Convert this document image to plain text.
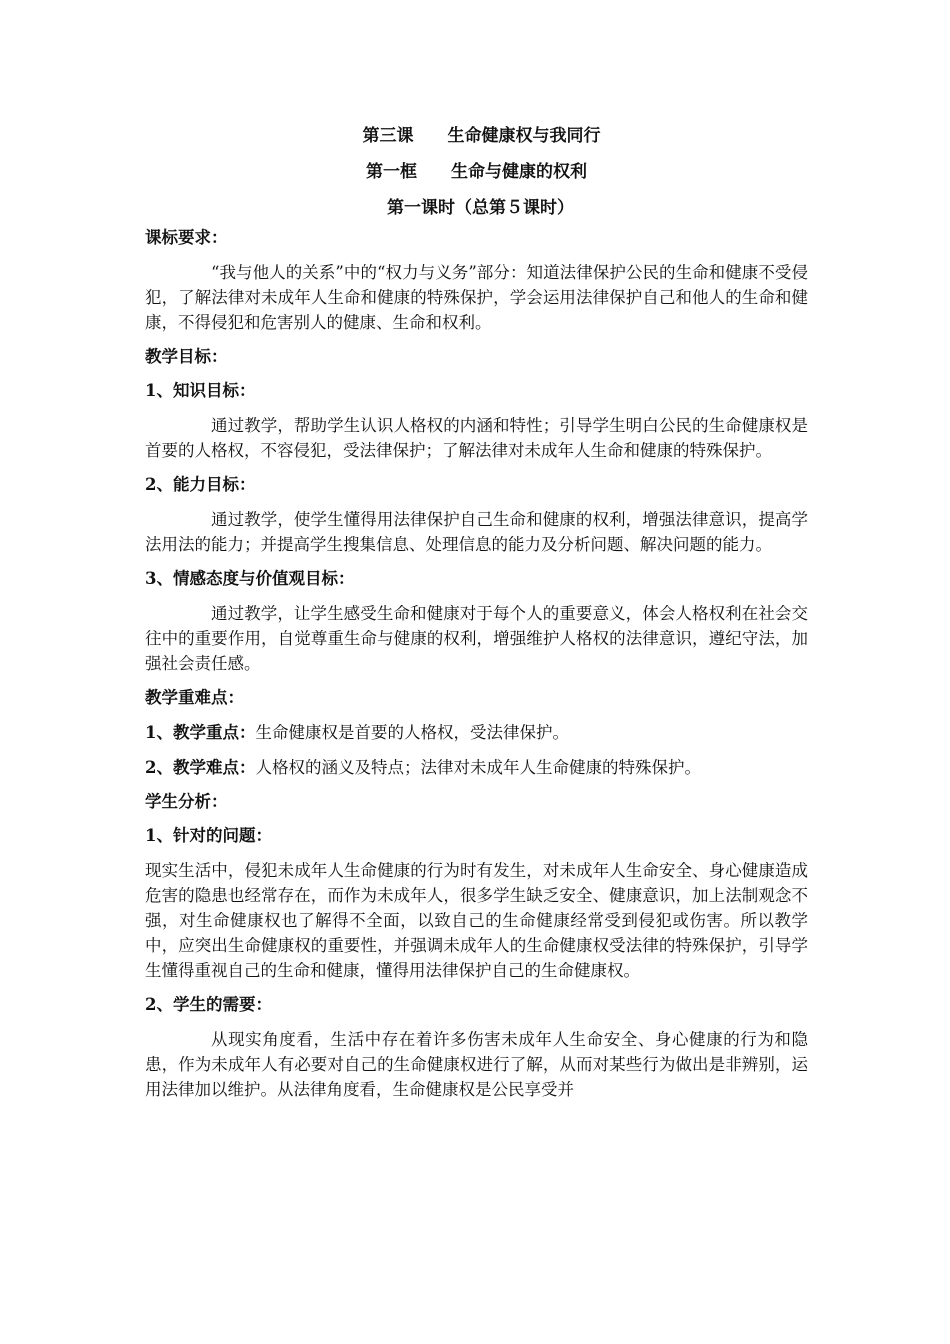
第三课 生命健康权与我同行

第一框 生命与健康的权利

第一课时（总第５课时）

课标要求：

“我与他人的关系”中的“权力与义务”部分：知道法律保护公民的生命和健康不受侵犯，了解法律对未成年人生命和健康的特殊保护，学会运用法律保护自己和他人的生命和健康，不得侵犯和危害别人的健康、生命和权利。

教学目标：

1、知识目标：

通过教学，帮助学生认识人格权的内涵和特性；引导学生明白公民的生命健康权是首要的人格权，不容侵犯，受法律保护；了解法律对未成年人生命和健康的特殊保护。

2、能力目标：

通过教学，使学生懂得用法律保护自己生命和健康的权利，增强法律意识，提高学法用法的能力；并提高学生搜集信息、处理信息的能力及分析问题、解决问题的能力。

3、情感态度与价值观目标：

通过教学，让学生感受生命和健康对于每个人的重要意义，体会人格权利在社会交往中的重要作用，自觉尊重生命与健康的权利，增强维护人格权的法律意识，遵纪守法，加强社会责任感。

教学重难点：

1、教学重点：生命健康权是首要的人格权，受法律保护。

2、教学难点：人格权的涵义及特点；法律对未成年人生命健康的特殊保护。

学生分析：

1、针对的问题：

现实生活中，侵犯未成年人生命健康的行为时有发生，对未成年人生命安全、身心健康造成危害的隐患也经常存在，而作为未成年人，很多学生缺乏安全、健康意识，加上法制观念不强，对生命健康权也了解得不全面，以致自己的生命健康经常受到侵犯或伤害。所以教学中，应突出生命健康权的重要性，并强调未成年人的生命健康权受法律的特殊保护，引导学生懂得重视自己的生命和健康，懂得用法律保护自己的生命健康权。

2、学生的需要：

从现实角度看，生活中存在着许多伤害未成年人生命安全、身心健康的行为和隐患，作为未成年人有必要对自己的生命健康权进行了解，从而对某些行为做出是非辨别，运用法律加以维护。从法律角度看，生命健康权是公民享受并
